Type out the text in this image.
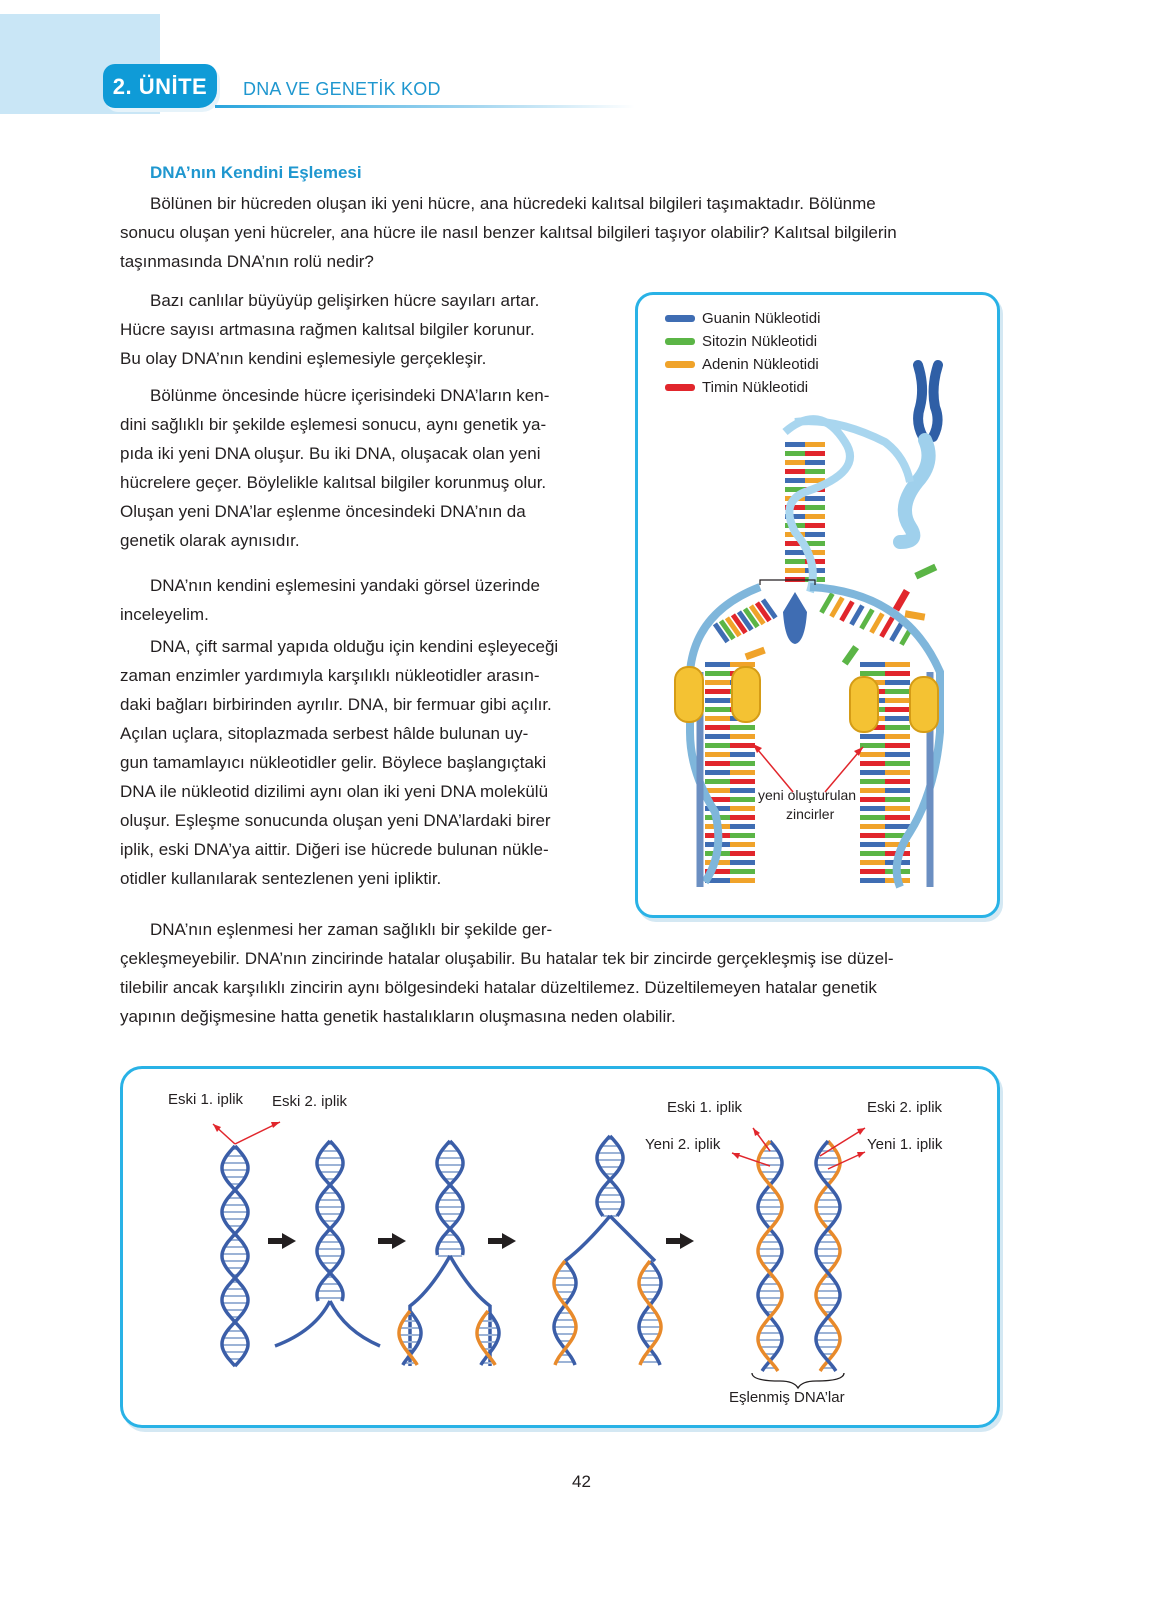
2. ÜNİTE	DNA VE GENETİK KOD
DNA’nın Kendini Eşlemesi
Bölünen bir hücreden oluşan iki yeni hücre, ana hücredeki kalıtsal bilgileri taşımaktadır. Bölünme
sonucu oluşan yeni hücreler, ana hücre ile nasıl benzer kalıtsal bilgileri taşıyor olabilir? Kalıtsal bilgilerin
taşınmasında DNA’nın rolü nedir?
Bazı canlılar büyüyüp gelişirken hücre sayıları artar.
Hücre sayısı artmasına rağmen kalıtsal bilgiler korunur.
Bu olay DNA’nın kendini eşlemesiyle gerçekleşir.
Bölünme öncesinde hücre içerisindeki DNA’ların ken-
dini sağlıklı bir şekilde eşlemesi sonucu, aynı genetik ya-
pıda iki yeni DNA oluşur. Bu iki DNA, oluşacak olan yeni
hücrelere geçer. Böylelikle kalıtsal bilgiler korunmuş olur.
Oluşan yeni DNA’lar eşlenme öncesindeki DNA’nın da
genetik olarak aynısıdır.
DNA’nın kendini eşlemesini yandaki görsel üzerinde
inceleyelim.
DNA, çift sarmal yapıda olduğu için kendini eşleyeceği
zaman enzimler yardımıyla karşılıklı nükleotidler arasın-
daki bağları birbirinden ayrılır. DNA, bir fermuar gibi açılır.
Açılan uçlara, sitoplazmada serbest hâlde bulunan uy-
gun tamamlayıcı nükleotidler gelir. Böylece başlangıçtaki
DNA ile nükleotid dizilimi aynı olan iki yeni DNA molekülü
oluşur. Eşleşme sonucunda oluşan yeni DNA’lardaki birer
iplik, eski DNA’ya aittir. Diğeri ise hücrede bulunan nükle-
otidler kullanılarak sentezlenen yeni ipliktir.
DNA’nın eşlenmesi her zaman sağlıklı bir şekilde ger-
çekleşmeyebilir. DNA’nın zincirinde hatalar oluşabilir. Bu hatalar tek bir zincirde gerçekleşmiş ise düzel-
tilebilir ancak karşılıklı zincirin aynı bölgesindeki hatalar düzeltilemez. Düzeltilemeyen hatalar genetik
yapının değişmesine hatta genetik hastalıkların oluşmasına neden olabilir.
Guanin Nükleotidi
Sitozin Nükleotidi
Adenin Nükleotidi
Timin Nükleotidi
yeni oluşturulan
zincirler
Eski 1. iplik Eski 2. iplik	Eski 1. iplik	Eski 2. iplik
Yeni 2. iplik	Yeni 1. iplik
Eşlenmiş DNA’lar
42
